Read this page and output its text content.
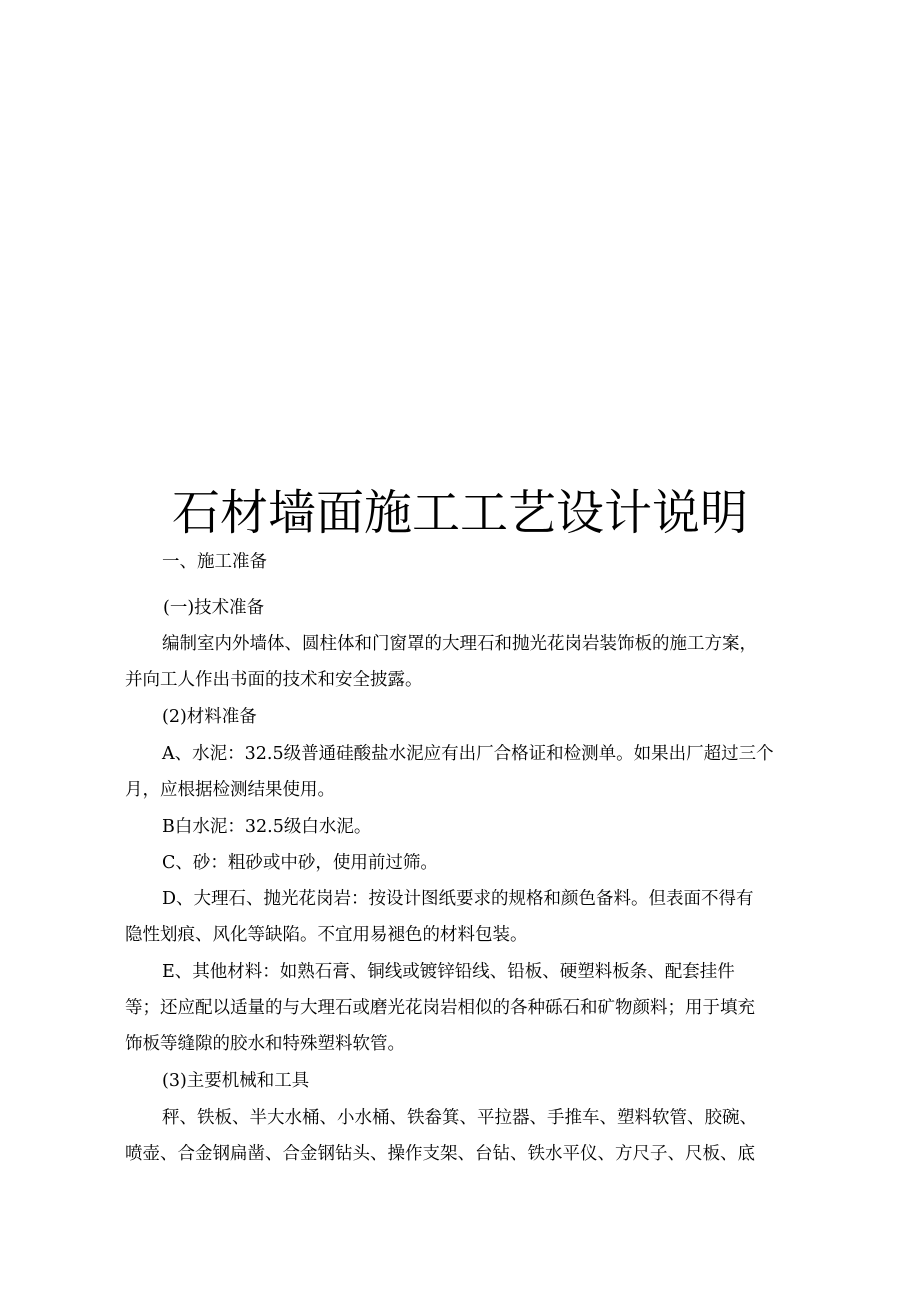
石材墙面施工工艺设计说明
一、施工准备
(一)技术准备
编制室内外墙体、圆柱体和门窗罩的大理石和抛光花岗岩装饰板的施工方案，
并向工人作出书面的技术和安全披露。
(2)材料准备
A、水泥：32.5级普通硅酸盐水泥应有出厂合格证和检测单。如果出厂超过三个
月，应根据检测结果使用。
B白水泥：32.5级白水泥。
C、砂：粗砂或中砂，使用前过筛。
D、大理石、抛光花岗岩：按设计图纸要求的规格和颜色备料。但表面不得有
隐性划痕、风化等缺陷。不宜用易褪色的材料包装。
E、其他材料：如熟石膏、铜线或镀锌铅线、铅板、硬塑料板条、配套挂件
等；还应配以适量的与大理石或磨光花岗岩相似的各种砾石和矿物颜料；用于填充
饰板等缝隙的胶水和特殊塑料软管。
(3)主要机械和工具
秤、铁板、半大水桶、小水桶、铁畚箕、平拉器、手推车、塑料软管、胶碗、
喷壶、合金钢扁凿、合金钢钻头、操作支架、台钻、铁水平仪、方尺子、尺板、底
